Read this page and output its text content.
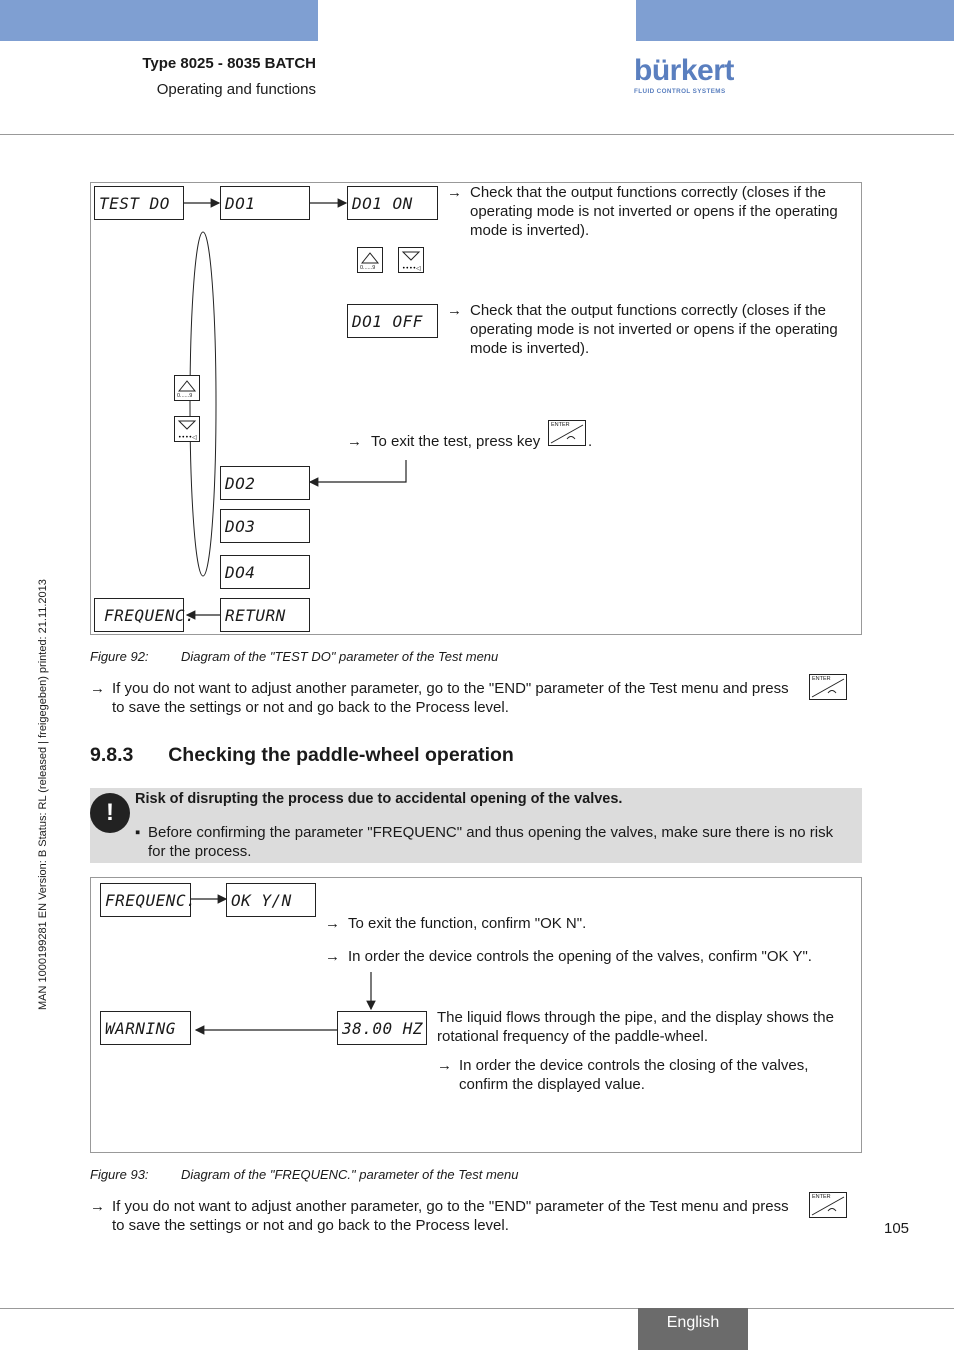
Type 8025 - 8035 BATCH
Operating and functions
bürkert
FLUID CONTROL SYSTEMS
MAN 1000199281 EN Version: B Status: RL (released | freigegeben) printed: 21.11.2013
TEST DO	DO1	DO1 ON
DO1 OFF
DO2
DO3
DO4
FREQUENC.	RETURN
0......9	••••◁
0......9
••••◁
→ Check that the output functions correctly (closes if the operating mode is not inverted or opens if the operating mode is inverted).
→ Check that the output functions correctly (closes if the operating mode is not inverted or opens if the operating mode is inverted).
→ To exit the test, press key
ENTER
.
Figure 92: Diagram of the "TEST DO" parameter of the Test menu
→ If you do not want to adjust another parameter, go to the "END" parameter of the Test menu and press
ENTER
to save the settings or not and go back to the Process level.
9.8.3 Checking the paddle-wheel operation
!	Risk of disrupting the process due to accidental opening of the valves.
▪ Before confirming the parameter "FREQUENC" and thus opening the valves, make sure there is no risk for the process.
FREQUENC.	OK Y/N
WARNING	38.00 HZ
→ To exit the function, confirm "OK N".
→ In order the device controls the opening of the valves, confirm "OK Y".
The liquid flows through the pipe, and the display shows the rotational frequency of the paddle-wheel.
→ In order the device controls the closing of the valves, confirm the displayed value.
Figure 93: Diagram of the "FREQUENC." parameter of the Test menu
→ If you do not want to adjust another parameter, go to the "END" parameter of the Test menu and press
ENTER
to save the settings or not and go back to the Process level.	105
English
